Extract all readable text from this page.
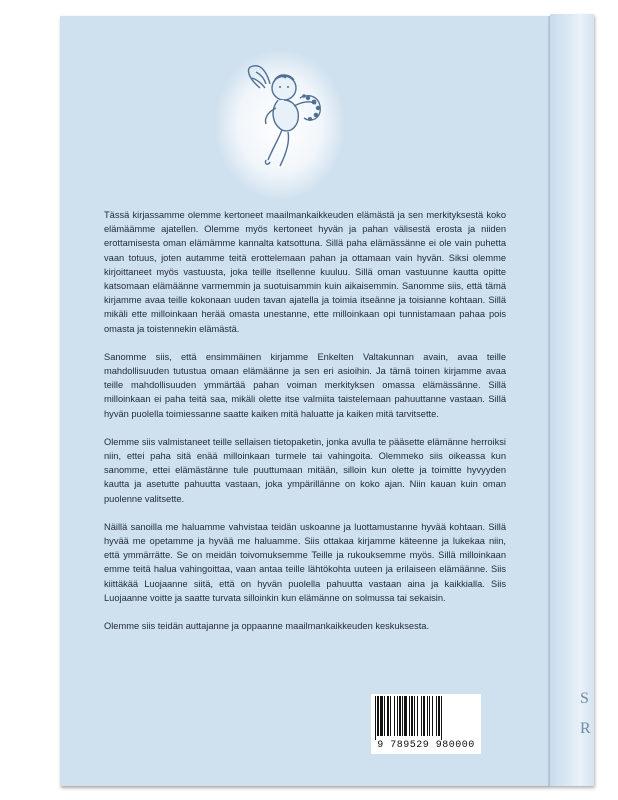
S
R

Tässä kirjassamme olemme kertoneet maailmankaikkeuden elämästä ja sen merkityksestä koko elämäämme ajatellen. Olemme myös kertoneet hyvän ja pahan välisestä erosta ja niiden erottamisesta oman elämämme kannalta katsottuna. Sillä paha elämässänne ei ole vain puhetta vaan totuus, joten autamme teitä erottelemaan pahan ja ottamaan vain hyvän. Siksi olemme kirjoittaneet myös vastuusta, joka teille itsellenne kuuluu. Sillä oman vastuunne kautta opitte katsomaan elämäänne varmemmin ja suotuisammin kuin aikaisemmin. Sanomme siis, että tämä kirjamme avaa teille kokonaan uuden tavan ajatella ja toimia itseänne ja toisianne kohtaan. Sillä mikäli ette milloinkaan herää omasta unestanne, ette milloinkaan opi tunnistamaan pahaa pois omasta ja toistennekin elämästä.

Sanomme siis, että ensimmäinen kirjamme Enkelten Valtakunnan avain, avaa teille mahdollisuuden tutustua omaan elämäänne ja sen eri asioihin. Ja tämä toinen kirjamme avaa teille mahdollisuuden ymmärtää pahan voiman merkityksen omassa elämässänne. Sillä milloinkaan ei paha teitä saa, mikäli olette itse valmiita taistelemaan pahuuttanne vastaan. Sillä hyvän puolella toimiessanne saatte kaiken mitä haluatte ja kaiken mitä tarvitsette.

Olemme siis valmistaneet teille sellaisen tietopaketin, jonka avulla te pääsette elämänne herroiksi niin, ettei paha sitä enää milloinkaan turmele tai vahingoita. Olemmeko siis oikeassa kun sanomme, ettei elämästänne tule puuttumaan mitään, silloin kun olette ja toimitte hyvyyden kautta ja asetutte pahuutta vastaan, joka ympärillänne on koko ajan. Niin kauan kuin oman puolenne valitsette.

Näillä sanoilla me haluamme vahvistaa teidän uskoanne ja luottamustanne hyvää kohtaan. Sillä hyvää me opetamme ja hyvää me haluamme. Siis ottakaa kirjamme käteenne ja lukekaa niin, että ymmärrätte. Se on meidän toivomuksemme Teille ja rukouksemme myös. Sillä milloinkaan emme teitä halua vahingoittaa, vaan antaa teille lähtökohta uuteen ja erilaiseen elämäänne. Siis kiittäkää Luojaanne siitä, että on hyvän puolella pahuutta vastaan aina ja kaikkialla. Siis Luojaanne voitte ja saatte turvata silloinkin kun elämänne on solmussa tai sekaisin.

Olemme siis teidän auttajanne ja oppaanne maailmankaikkeuden keskuksesta.

9 789529 980000
